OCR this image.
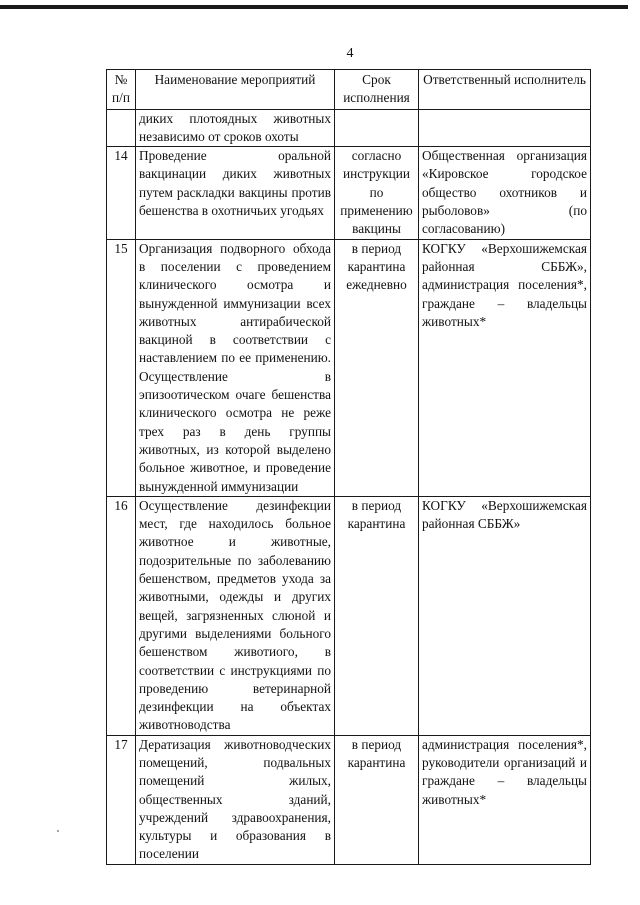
4
№ п/п	Наименование мероприятий	Срок исполнения	Ответственный исполнитель
	диких плотоядных животных независимо от сроков охоты		
14	Проведение оральной вакцинации диких животных путем раскладки вакцины против бешенства в охотничьих угодьях	согласно инструкции по применению вакцины	Общественная организация «Кировское городское общество охотников и рыболовов» (по согласованию)
15	Организация подворного обхода в поселении с проведением клинического осмотра и вынужденной иммунизации всех животных антирабической вакциной в соответствии с наставлением по ее применению. Осуществление в эпизоотическом очаге бешенства клинического осмотра не реже трех раз в день группы животных, из которой выделено больное животное, и проведение вынужденной иммунизации	в период карантина ежедневно	КОГКУ «Верхошижемская районная СББЖ», администрация поселения*, граждане – владельцы животных*
16	Осуществление дезинфекции мест, где находилось больное животное и животные, подозрительные по заболеванию бешенством, предметов ухода за животными, одежды и других вещей, загрязненных слюной и другими выделениями больного бешенством животиого, в соответствии с инструкциями по проведению ветеринарной дезинфекции на объектах животноводства	в период карантина	КОГКУ «Верхошижемская районная СББЖ»
17	Дератизация животноводческих помещений, подвальных помещений жилых, общественных зданий, учреждений здравоохранения, культуры и образования в поселении	в период карантина	администрация поселения*, руководители организаций и граждане – владельцы животных*
